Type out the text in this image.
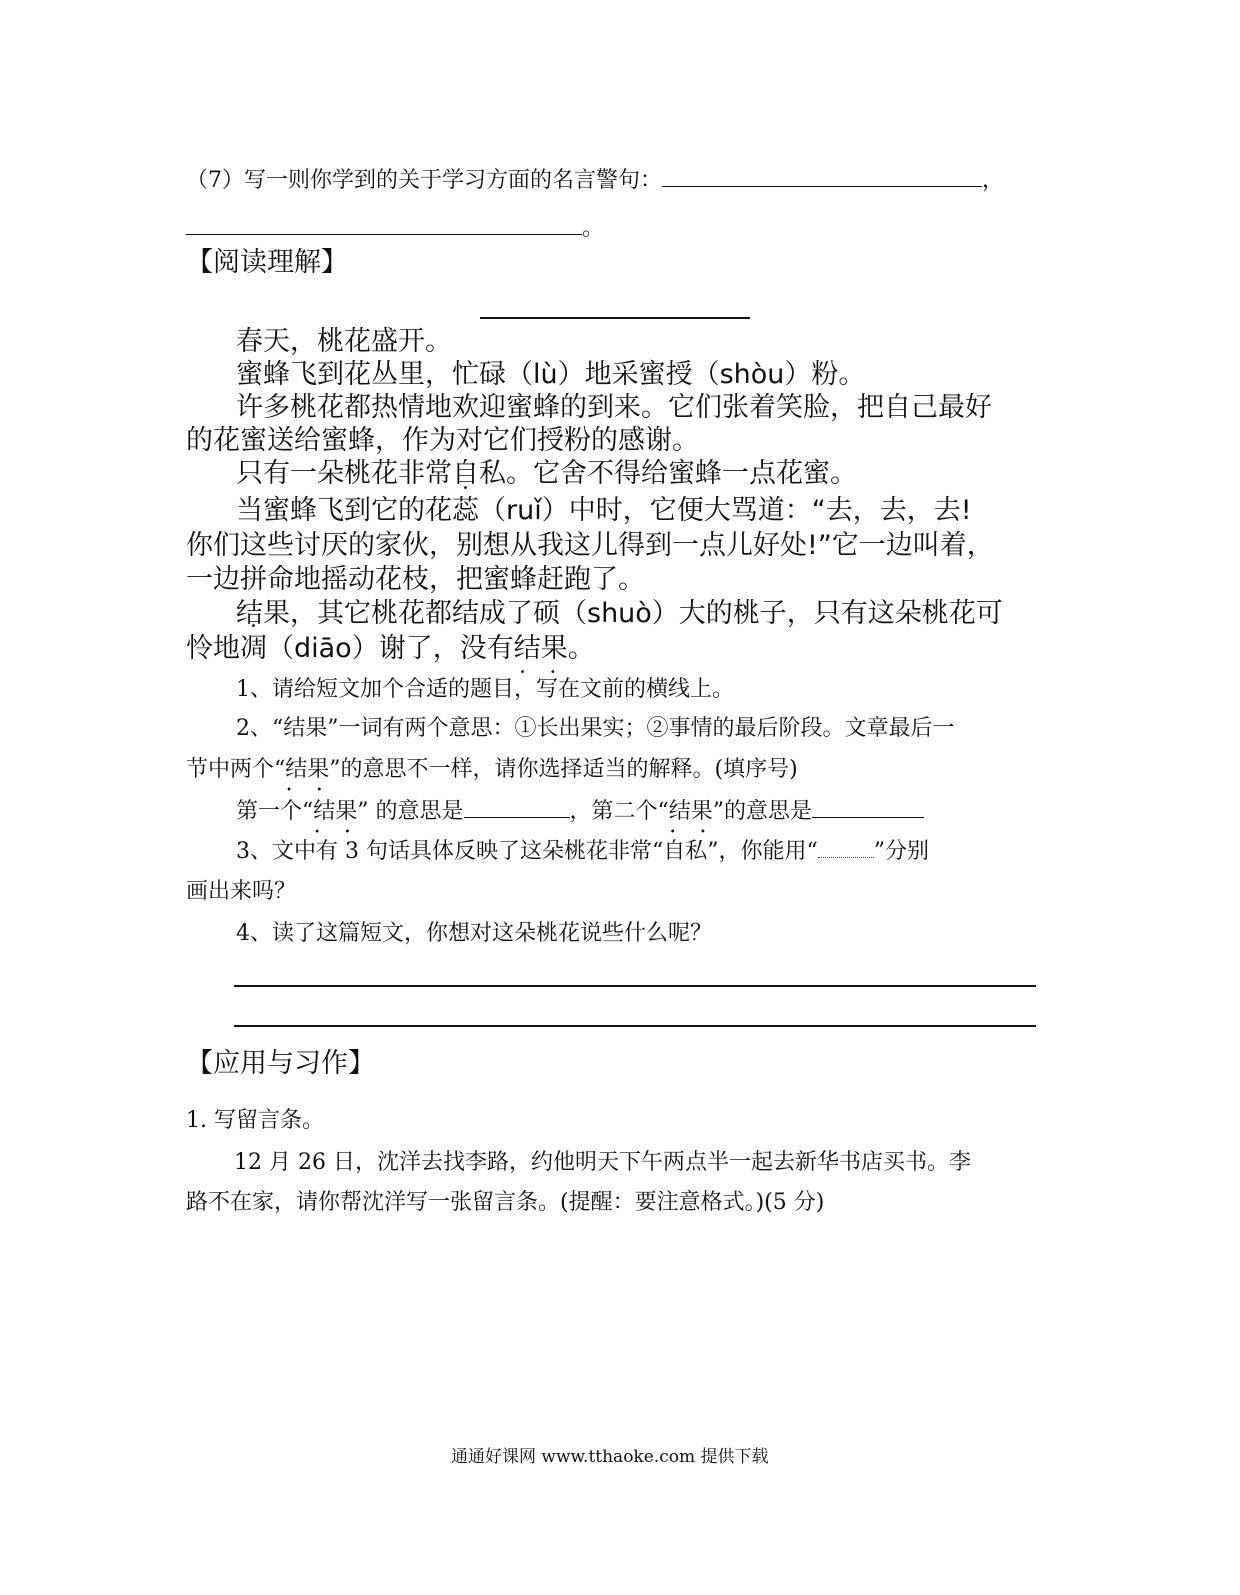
（7）写一则你学到的关于学习方面的名言警句：	，
。
【阅读理解】
春天，桃花盛开。
蜜蜂飞到花丛里，忙碌（lù）地采蜜授（shòu）粉。
许多桃花都热情地欢迎蜜蜂的到来。它们张着笑脸，把自己最好
的花蜜送给蜜蜂，作为对它们授粉的感谢。
只有一朵桃花非常自私。它舍不得给蜜蜂一点花蜜。
当蜜蜂飞到它的花蕊（ruǐ）中时，它便大骂道：“去，去，去!
你们这些讨厌的家伙，别想从我这儿得到一点儿好处!”它一边叫着，
一边拼命地摇动花枝，把蜜蜂赶跑了。
结果，其它桃花都结成了硕（shuò）大的桃子，只有这朵桃花可
怜地凋（diāo）谢了，没有结果 •  •。
1、请给短文加个合适的题目，写在文前的横线上。
2、“结果”一词有两个意思：①长出果实；②事情的最后阶段。文章最后一
节中两个“结果 •  •”的意思不一样，请你选择适当的解释。(填序号)
第一个“结果 •  •” 的意思是	，第二个“结果 •  •”的意思是
3、文中有 3 句话具体反映了这朵桃花非常“自私”，你能用“	”分别
画出来吗？
4、读了这篇短文，你想对这朵桃花说些什么呢？
【应用与习作】
1. 写留言条。
12 月 26 日，沈洋去找李路，约他明天下午两点半一起去新华书店买书。李
路不在家，请你帮沈洋写一张留言条。(提醒：要注意格式。)(5 分)
通通好课网 www.tthaoke.com 提供下载
